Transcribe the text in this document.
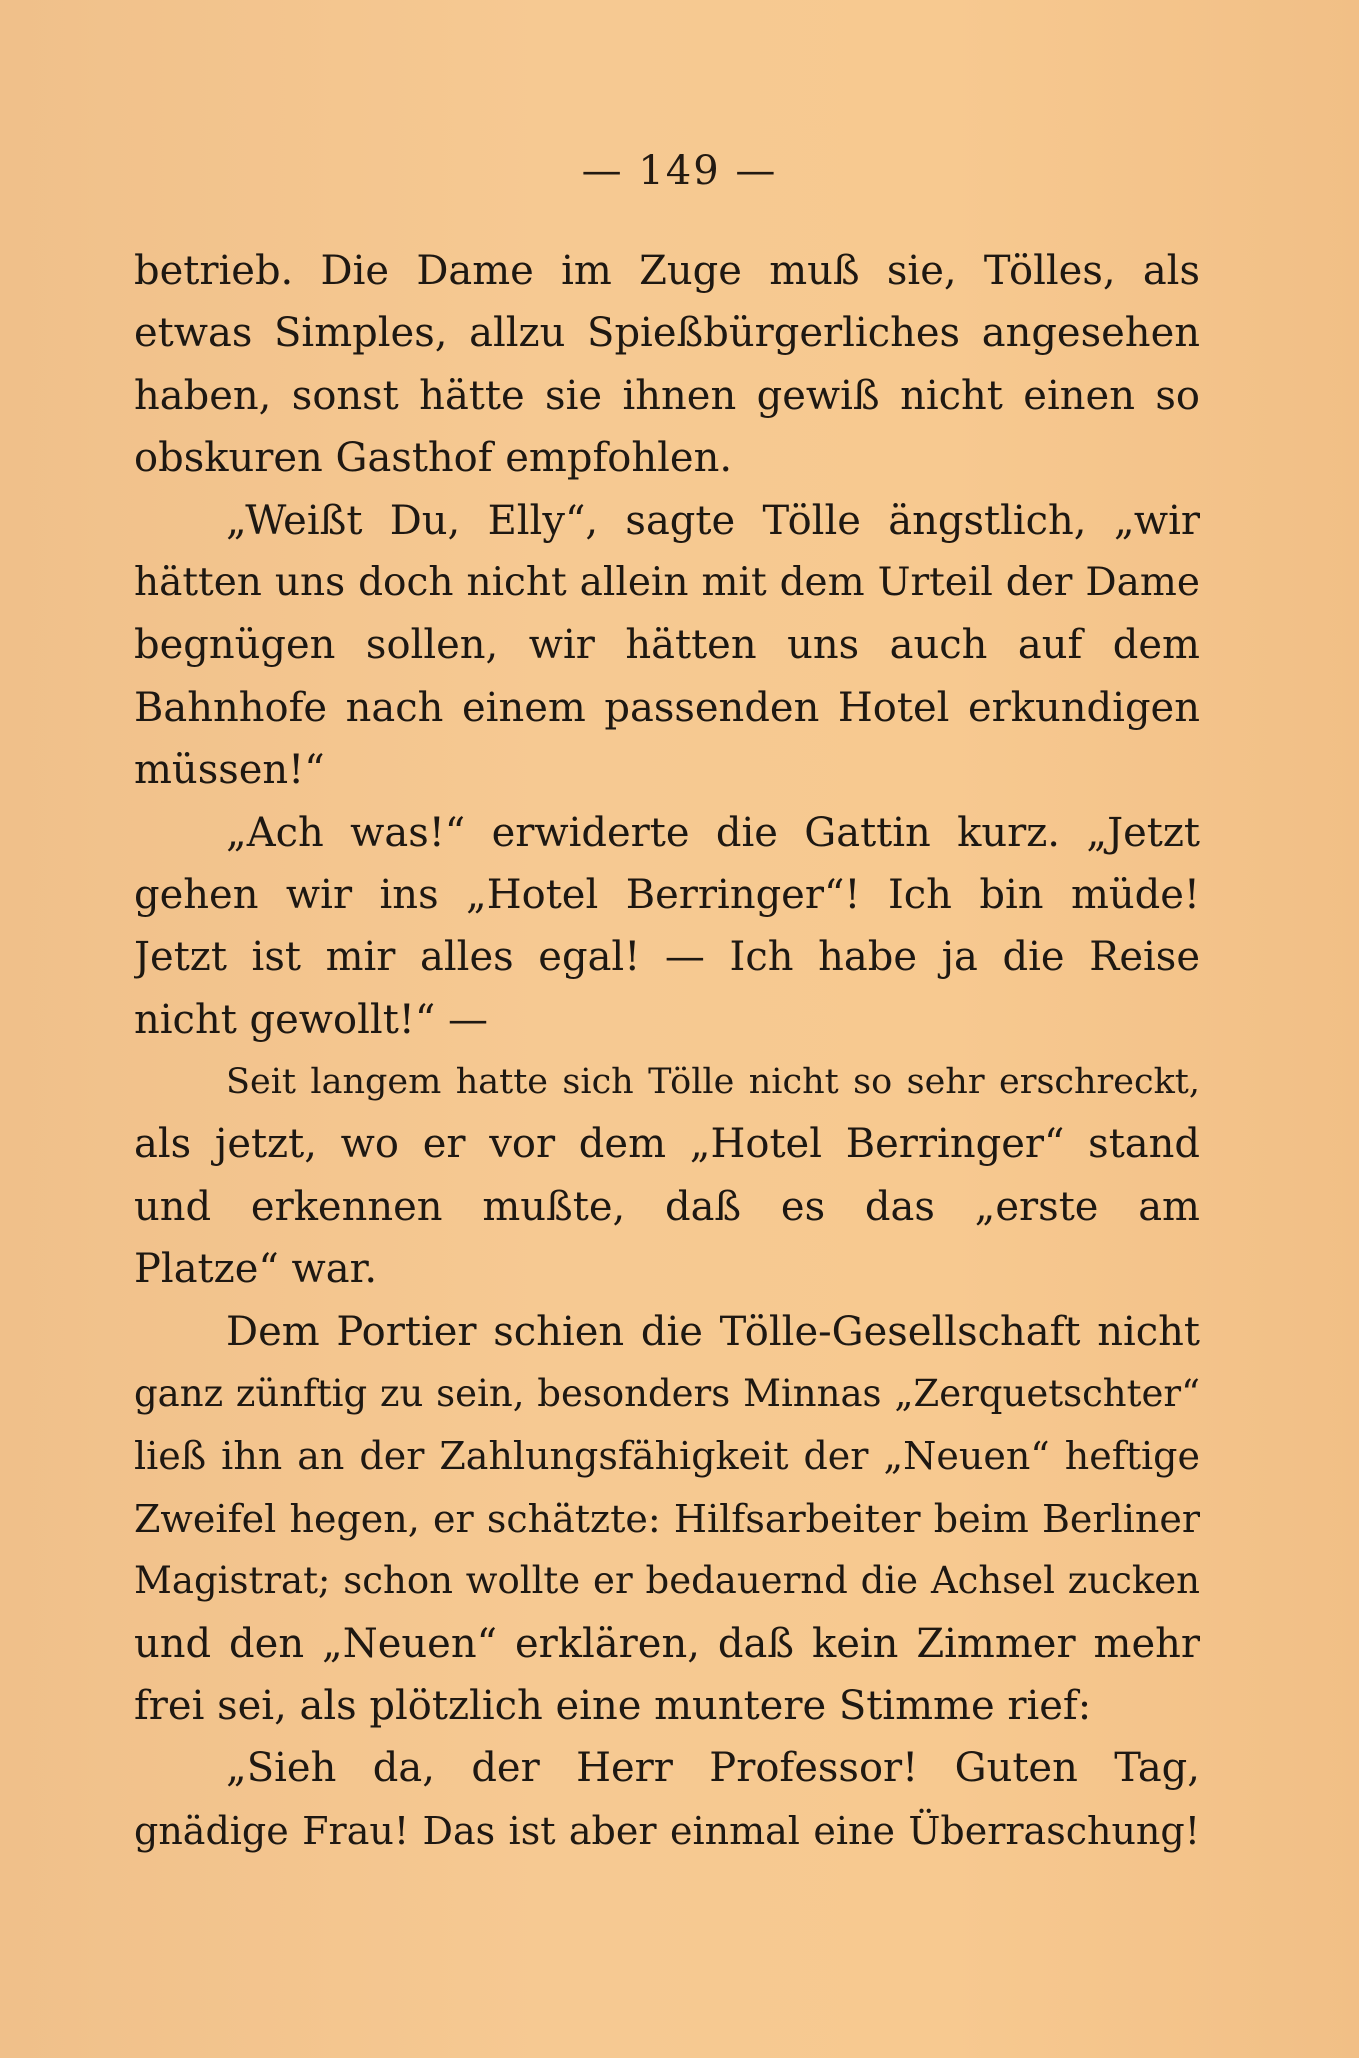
— 149 —
betrieb. Die Dame im Zuge muß sie, Tölles, als
etwas Simples, allzu Spießbürgerliches angesehen
haben, sonst hätte sie ihnen gewiß nicht einen so
obskuren Gasthof empfohlen.
„Weißt Du, Elly“, sagte Tölle ängstlich, „wir
hätten uns doch nicht allein mit dem Urteil der Dame
begnügen sollen, wir hätten uns auch auf dem
Bahnhofe nach einem passenden Hotel erkundigen
müssen!“
„Ach was!“ erwiderte die Gattin kurz. „Jetzt
gehen wir ins „Hotel Berringer“! Ich bin müde!
Jetzt ist mir alles egal! — Ich habe ja die Reise
nicht gewollt!“ —
Seit langem hatte sich Tölle nicht so sehr erschreckt,
als jetzt, wo er vor dem „Hotel Berringer“ stand
und erkennen mußte, daß es das „erste am
Platze“ war.
Dem Portier schien die Tölle-Gesellschaft nicht
ganz zünftig zu sein, besonders Minnas „Zerquetschter“
ließ ihn an der Zahlungsfähigkeit der „Neuen“ heftige
Zweifel hegen, er schätzte: Hilfsarbeiter beim Berliner
Magistrat; schon wollte er bedauernd die Achsel zucken
und den „Neuen“ erklären, daß kein Zimmer mehr
frei sei, als plötzlich eine muntere Stimme rief:
„Sieh da, der Herr Professor! Guten Tag,
gnädige Frau! Das ist aber einmal eine Überraschung!
